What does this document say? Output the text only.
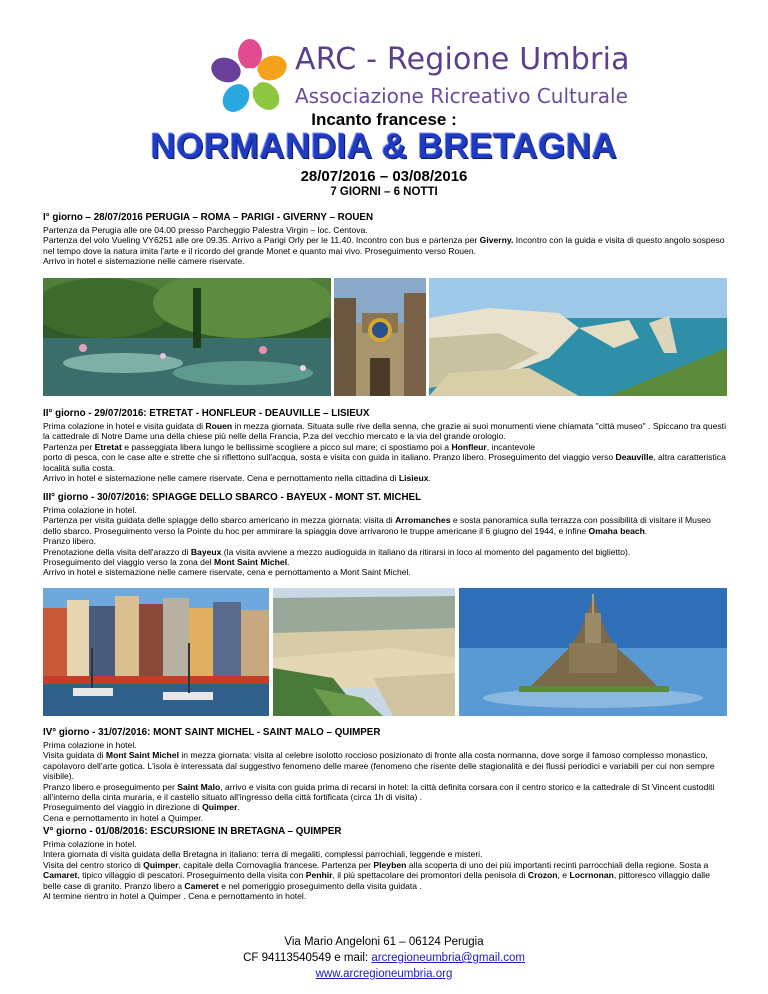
ARC - Regione Umbria
Associazione Ricreativo Culturale
Incanto francese :
NORMANDIA & BRETAGNA
28/07/2016 – 03/08/2016
7 GIORNI – 6 NOTTI
I° giorno – 28/07/2016 PERUGIA – ROMA – PARIGI - GIVERNY – ROUEN

Partenza da Perugia alle ore 04.00 presso Parcheggio Palestra Virgin – loc. Centova.

Partenza del volo Vueling VY6251 alle ore 09.35. Arrivo a Parigi Orly per le 11.40. Incontro con bus e partenza per Giverny. Incontro con la guida e visita di questo angolo sospeso nel tempo dove la natura imita l'arte e il ricordo del grande Monet e quanto mai vivo. Proseguimento verso Rouen.

Arrivo in hotel e sistemazione nelle camere riservate.

II° giorno - 29/07/2016: ETRETAT - HONFLEUR - DEAUVILLE – LISIEUX

Prima colazione in hotel e visita guidata di Rouen in mezza giornata. Situata sulle rive della senna, che grazie ai suoi monumenti viene chiamata "città museo" . Spiccano tra questi la cattedrale di Notre Dame una della chiese più nelle della Francia, P.za del vecchio mercato e la via del grande orologio.

Partenza per Etretat e passeggiata libera lungo le bellissime scogliere a picco sul mare; ci spostiamo poi a Honfleur, incantevole

porto di pesca, con le case alte e strette che si riflettono sull'acqua, sosta e visita con guida in italiano. Pranzo libero. Proseguimento del viaggio verso Deauville, altra caratteristica località sulla costa.

Arrivo in hotel e sistemazione nelle camere riservate. Cena e pernottamento nella cittadina di Lisieux.

III° giorno - 30/07/2016: SPIAGGE DELLO SBARCO - BAYEUX - MONT ST. MICHEL

Prima colazione in hotel.

Partenza per visita guidata delle spiagge dello sbarco americano in mezza giornata: visita di Arromanches e sosta panoramica sulla terrazza con possibilità di visitare il Museo dello sbarco. Proseguimento verso la Pointe du hoc per ammirare la spiaggia dove arrivarono le truppe americane il 6 giugno del 1944, e infine Omaha beach.

Pranzo libero.

Prenotazione della visita dell'arazzo di Bayeux (la visita avviene a mezzo audioguida in italiano da ritirarsi in loco al momento del pagamento del biglietto).

Proseguimento del viaggio verso la zona del Mont Saint Michel.

Arrivo in hotel e sistemazione nelle camere riservate, cena e pernottamento a Mont Saint Michel.

IV° giorno - 31/07/2016: MONT SAINT MICHEL - SAINT MALO – QUIMPER

Prima colazione in hotel.

Visita guidata di Mont Saint Michel in mezza giornata: visita al celebre isolotto roccioso posizionato di fronte alla costa normanna, dove sorge il famoso complesso monastico, capolavoro dell'arte gotica. L'isola è interessata dal suggestivo fenomeno delle maree (fenomeno che risente delle stagionalità e dei flussi periodici e variabili per cui non sempre visibile).

Pranzo libero e proseguimento per Saint Malo, arrivo e visita con guida prima di recarsi in hotel: la città definita corsara con il centro storico e la cattedrale di St Vincent custoditi all'interno della cinta muraria, e il castello situato all'ingresso della città fortificata (circa 1h di visita) .

Proseguimento del viaggio in direzione di Quimper.

Cena e pernottamento in hotel a Quimper.

V° giorno - 01/08/2016: ESCURSIONE IN BRETAGNA – QUIMPER

Prima colazione in hotel.

Intera giornata di visita guidata della Bretagna in italiano: terra di megaliti, complessi parrochiali, leggende e misteri.

Visita del centro storico di Quimper, capitale della Cornovaglia francese. Partenza per Pleyben alla scoperta di uno dei più importanti recinti parrocchiali della regione. Sosta a Camaret, tipico villaggio di pescatori. Proseguimento della visita con Penhir, il più spettacolare dei promontori della penisola di Crozon, e Locrnonan, pittoresco villaggio dalle belle case di granito. Pranzo libero a Cameret e nel pomeriggio proseguimento della visita guidata .

Al termine rientro in hotel a Quimper . Cena e pernottamento in hotel.

Via Mario Angeloni 61 – 06124 Perugia
CF 94113540549 e mail: arcregioneumbria@gmail.com
www.arcregioneumbria.org
